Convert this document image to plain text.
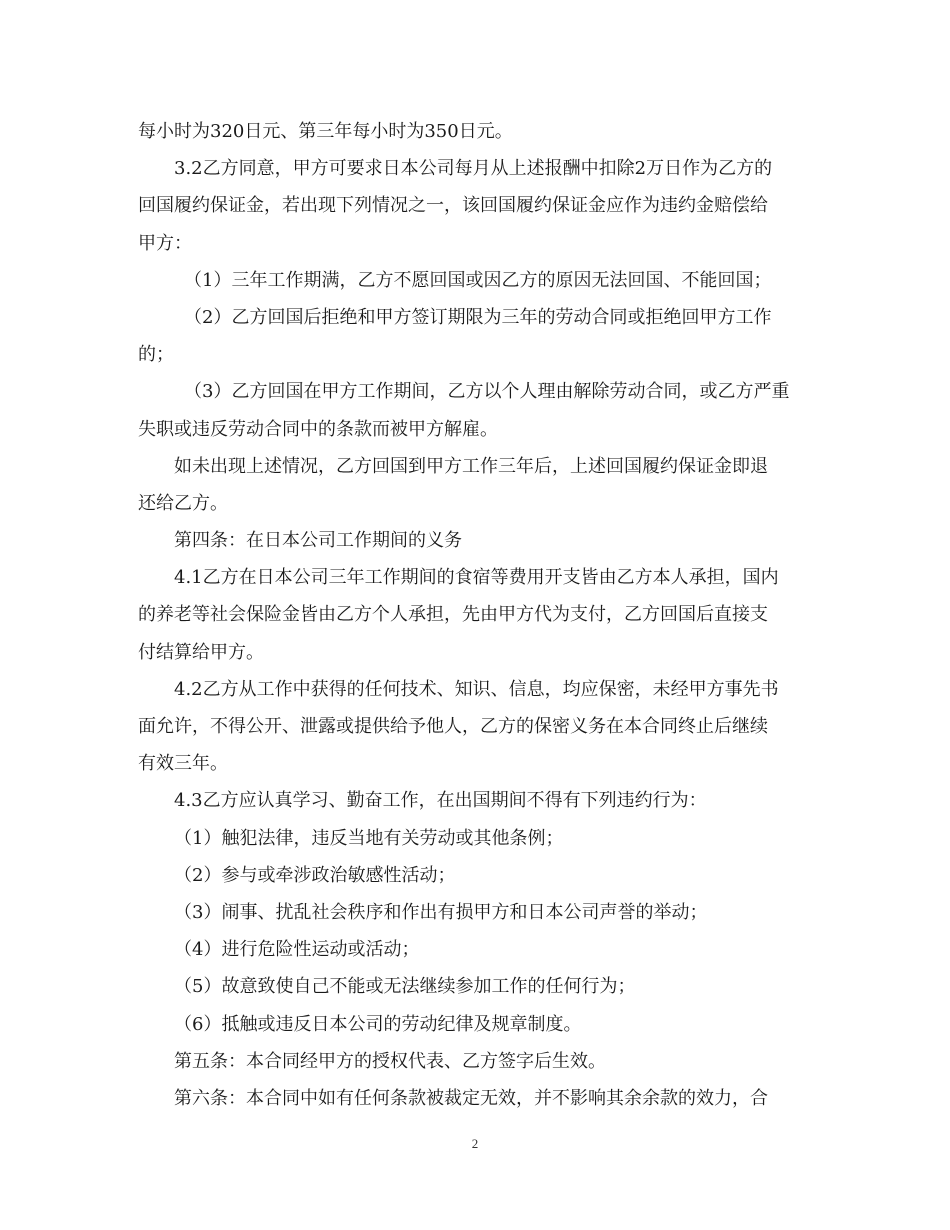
每小时为320日元、第三年每小时为350日元。
3.2乙方同意，甲方可要求日本公司每月从上述报酬中扣除2万日作为乙方的
回国履约保证金，若出现下列情况之一，该回国履约保证金应作为违约金赔偿给
甲方：
（1）三年工作期满，乙方不愿回国或因乙方的原因无法回国、不能回国；
（2）乙方回国后拒绝和甲方签订期限为三年的劳动合同或拒绝回甲方工作
的；
（3）乙方回国在甲方工作期间，乙方以个人理由解除劳动合同，或乙方严重
失职或违反劳动合同中的条款而被甲方解雇。
如未出现上述情况，乙方回国到甲方工作三年后，上述回国履约保证金即退
还给乙方。
第四条：在日本公司工作期间的义务
4.1乙方在日本公司三年工作期间的食宿等费用开支皆由乙方本人承担，国内
的养老等社会保险金皆由乙方个人承担，先由甲方代为支付，乙方回国后直接支
付结算给甲方。
4.2乙方从工作中获得的任何技术、知识、信息，均应保密，未经甲方事先书
面允许，不得公开、泄露或提供给予他人，乙方的保密义务在本合同终止后继续
有效三年。
4.3乙方应认真学习、勤奋工作，在出国期间不得有下列违约行为：
（1）触犯法律，违反当地有关劳动或其他条例；
（2）参与或牵涉政治敏感性活动；
（3）闹事、扰乱社会秩序和作出有损甲方和日本公司声誉的举动；
（4）进行危险性运动或活动；
（5）故意致使自己不能或无法继续参加工作的任何行为；
（6）抵触或违反日本公司的劳动纪律及规章制度。
第五条：本合同经甲方的授权代表、乙方签字后生效。
第六条：本合同中如有任何条款被裁定无效，并不影响其余余款的效力，合
2
